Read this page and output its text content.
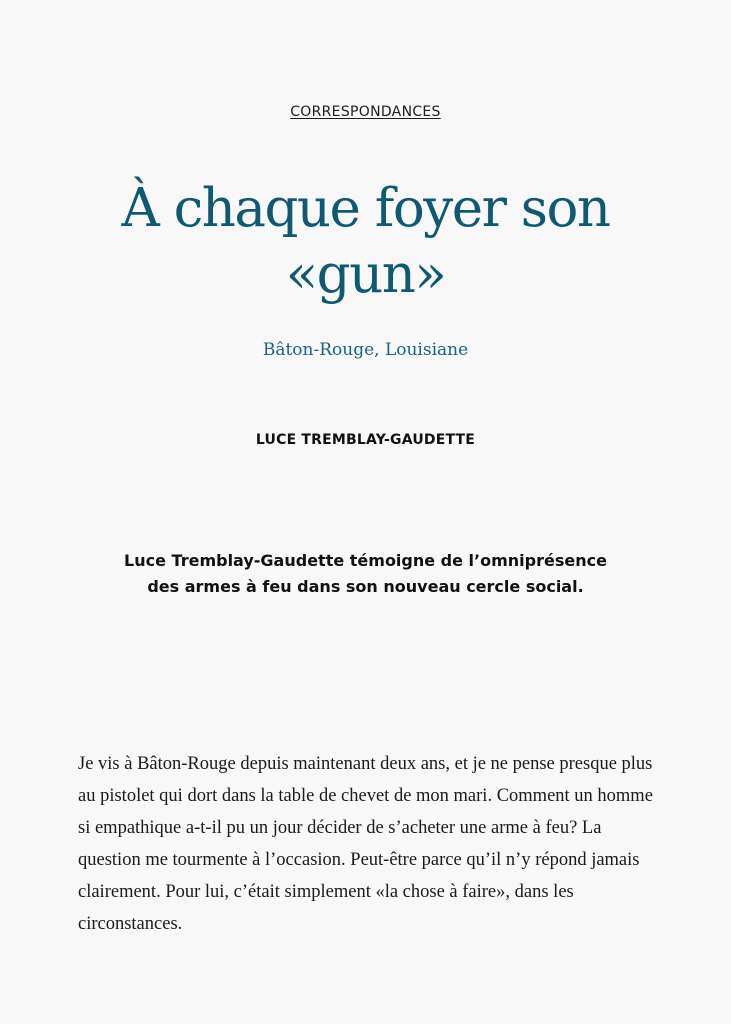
CORRESPONDANCES
À chaque foyer son «gun»
Bâton-Rouge, Louisiane
LUCE TREMBLAY-GAUDETTE

Luce Tremblay-Gaudette témoigne de l’omniprésence des armes à feu dans son nouveau cercle social.

Je vis à Bâton-Rouge depuis maintenant deux ans, et je ne pense presque plus au pistolet qui dort dans la table de chevet de mon mari. Comment un homme si empathique a-t-il pu un jour décider de s’acheter une arme à feu? La question me tourmente à l’occasion. Peut-être parce qu’il n’y répond jamais clairement. Pour lui, c’était simplement «la chose à faire», dans les circonstances.
